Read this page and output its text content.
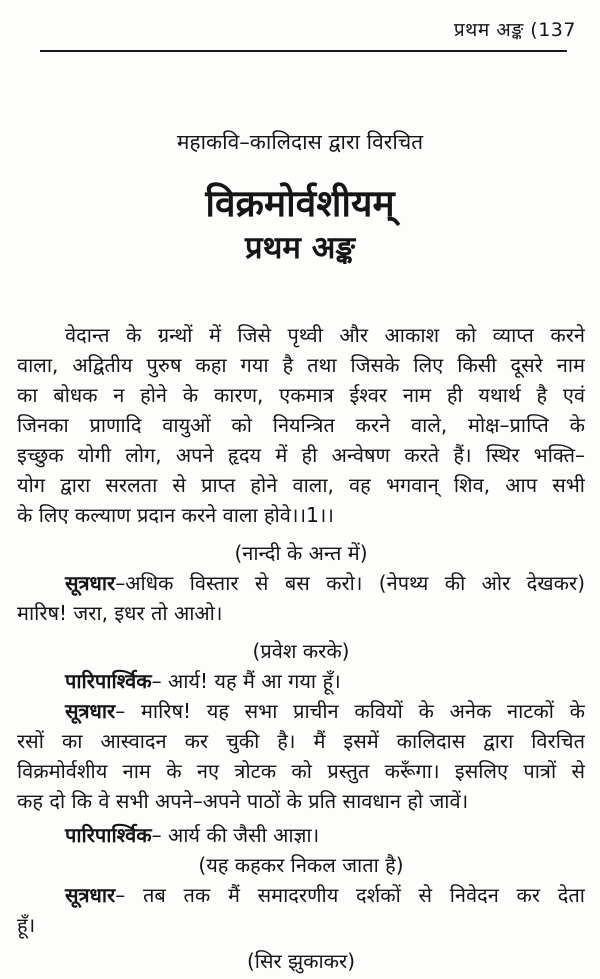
प्रथम अङ्क (137
महाकवि–कालिदास द्वारा विरचित
विक्रमोर्वशीयम्
प्रथम अङ्क
वेदान्त के ग्रन्थों में जिसे पृथ्वी और आकाश को व्याप्त करने
वाला, अद्वितीय पुरुष कहा गया है तथा जिसके लिए किसी दूसरे नाम
का बोधक न होने के कारण, एकमात्र ईश्वर नाम ही यथार्थ है एवं
जिनका प्राणादि वायुओं को नियन्त्रित करने वाले, मोक्ष–प्राप्ति के
इच्छुक योगी लोग, अपने हृदय में ही अन्वेषण करते हैं। स्थिर भक्ति–
योग द्वारा सरलता से प्राप्त होने वाला, वह भगवान् शिव, आप सभी
के लिए कल्याण प्रदान करने वाला होवे।।1।।
(नान्दी के अन्त में)
सूत्रधार–अधिक विस्तार से बस करो। (नेपथ्य की ओर देखकर)
मारिष! जरा, इधर तो आओ।
(प्रवेश करके)
पारिपार्श्विक– आर्य! यह मैं आ गया हूँ।
सूत्रधार– मारिष! यह सभा प्राचीन कवियों के अनेक नाटकों के
रसों का आस्वादन कर चुकी है। मैं इसमें कालिदास द्वारा विरचित
विक्रमोर्वशीय नाम के नए त्रोटक को प्रस्तुत करूँगा। इसलिए पात्रों से
कह दो कि वे सभी अपने–अपने पाठों के प्रति सावधान हो जावें।
पारिपार्श्विक– आर्य की जैसी आज्ञा।
(यह कहकर निकल जाता है)
सूत्रधार– तब तक मैं समादरणीय दर्शकों से निवेदन कर देता
हूँ।
(सिर झुकाकर)
